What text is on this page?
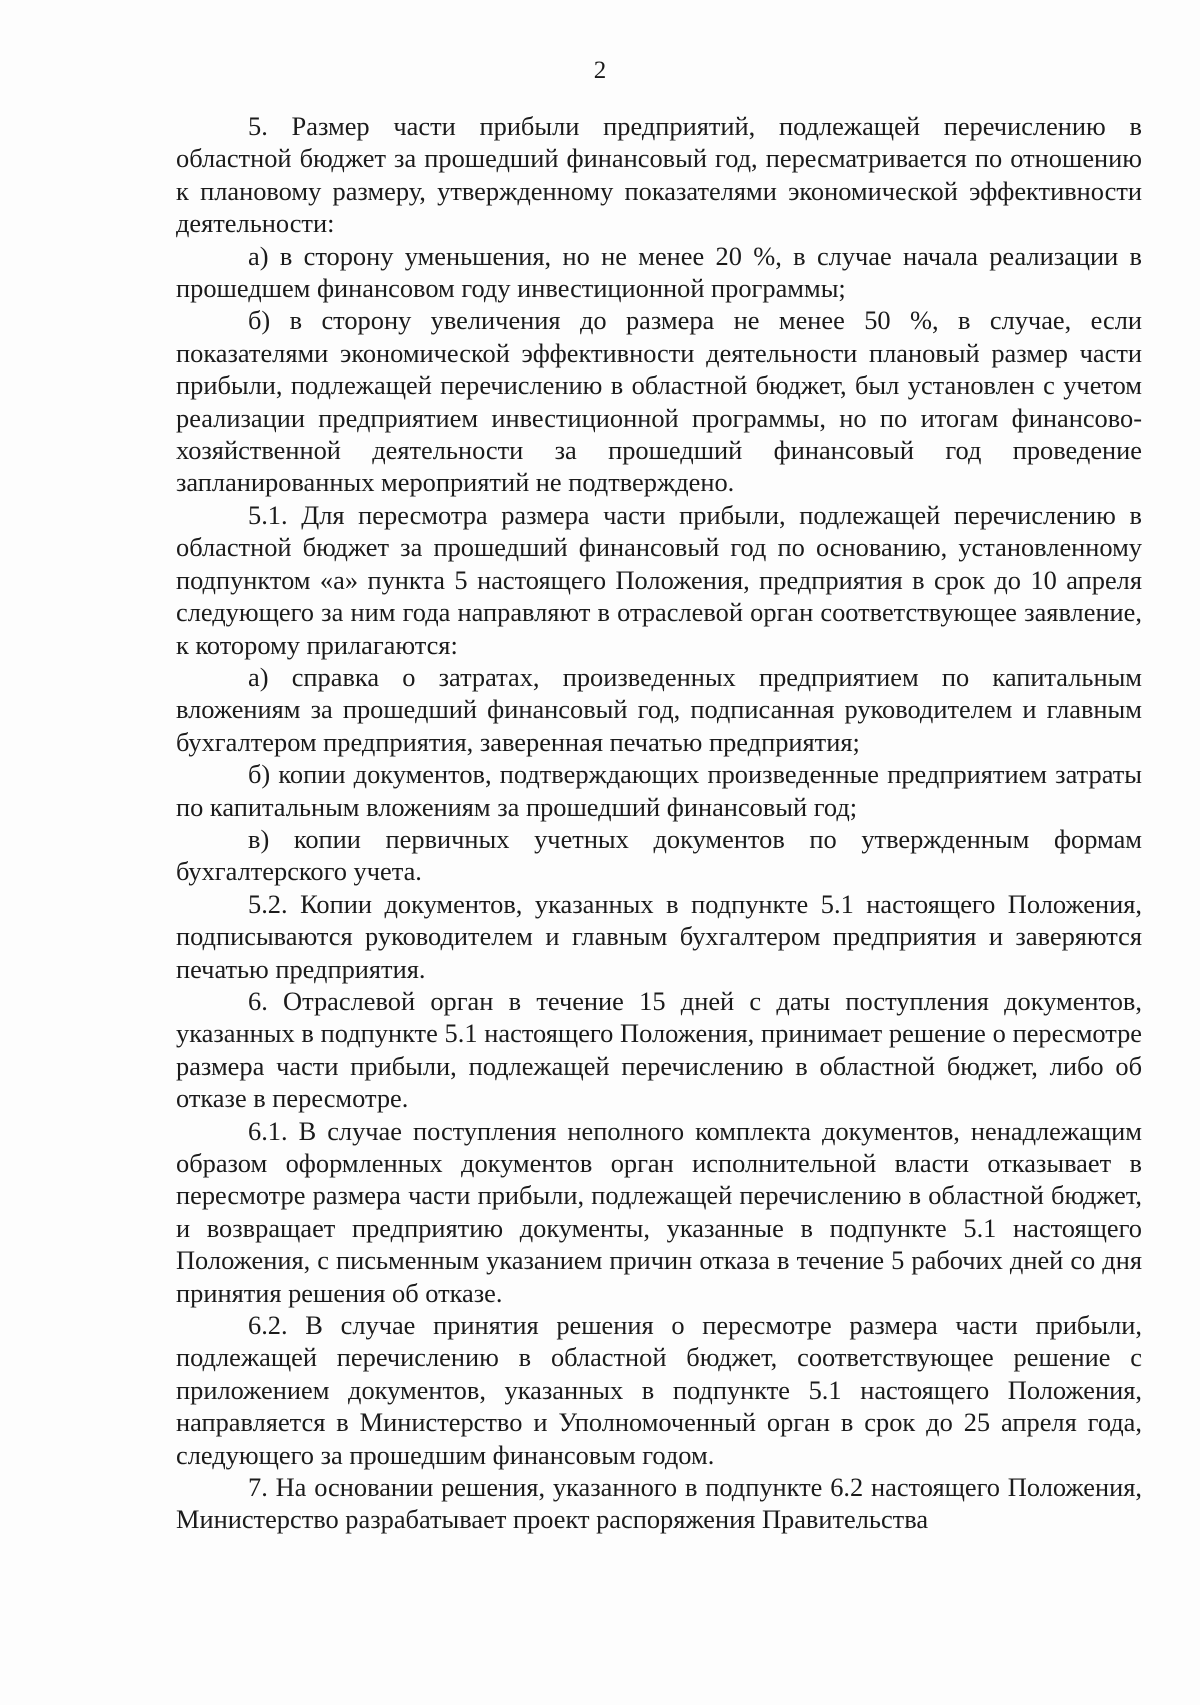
2

5. Размер части прибыли предприятий, подлежащей перечислению в областной бюджет за прошедший финансовый год, пересматривается по отношению к плановому размеру, утвержденному показателями экономической эффективности деятельности:

а) в сторону уменьшения, но не менее 20 %, в случае начала реализации в прошедшем финансовом году инвестиционной программы;

б) в сторону увеличения до размера не менее 50 %, в случае, если показателями экономической эффективности деятельности плановый размер части прибыли, подлежащей перечислению в областной бюджет, был установлен с учетом реализации предприятием инвестиционной программы, но по итогам финансово-хозяйственной деятельности за прошедший финансовый год проведение запланированных мероприятий не подтверждено.

5.1. Для пересмотра размера части прибыли, подлежащей перечислению в областной бюджет за прошедший финансовый год по основанию, установленному подпунктом «а» пункта 5 настоящего Положения, предприятия в срок до 10 апреля следующего за ним года направляют в отраслевой орган соответствующее заявление, к которому прилагаются:

а) справка о затратах, произведенных предприятием по капитальным вложениям за прошедший финансовый год, подписанная руководителем и главным бухгалтером предприятия, заверенная печатью предприятия;

б) копии документов, подтверждающих произведенные предприятием затраты по капитальным вложениям за прошедший финансовый год;

в) копии первичных учетных документов по утвержденным формам бухгалтерского учета.

5.2. Копии документов, указанных в подпункте 5.1 настоящего Положения, подписываются руководителем и главным бухгалтером предприятия и заверяются печатью предприятия.

6. Отраслевой орган в течение 15 дней с даты поступления документов, указанных в подпункте 5.1 настоящего Положения, принимает решение о пересмотре размера части прибыли, подлежащей перечислению в областной бюджет, либо об отказе в пересмотре.

6.1. В случае поступления неполного комплекта документов, ненадлежащим образом оформленных документов орган исполнительной власти отказывает в пересмотре размера части прибыли, подлежащей перечислению в областной бюджет, и возвращает предприятию документы, указанные в подпункте 5.1 настоящего Положения, с письменным указанием причин отказа в течение 5 рабочих дней со дня принятия решения об отказе.

6.2. В случае принятия решения о пересмотре размера части прибыли, подлежащей перечислению в областной бюджет, соответствующее решение с приложением документов, указанных в подпункте 5.1 настоящего Положения, направляется в Министерство и Уполномоченный орган в срок до 25 апреля года, следующего за прошедшим финансовым годом.

7. На основании решения, указанного в подпункте 6.2 настоящего Положения, Министерство разрабатывает проект распоряжения Правительства
